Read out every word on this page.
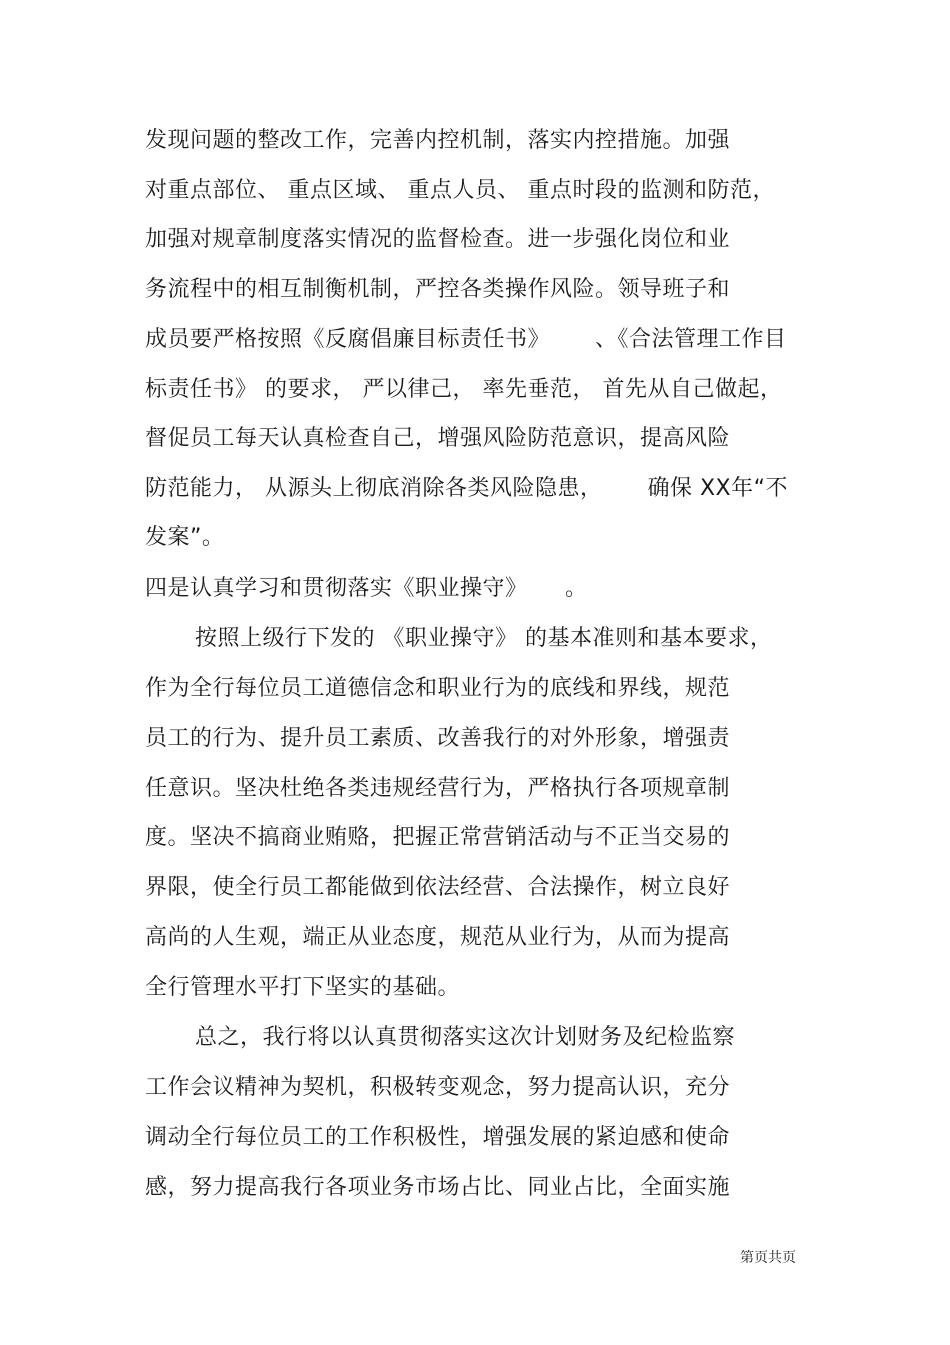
发现问题的整改工作，完善内控机制，落实内控措施。加强
对重点部位、 重点区域、 重点人员、 重点时段的监测和防范，
加强对规章制度落实情况的监督检查。进一步强化岗位和业
务流程中的相互制衡机制，严控各类操作风险。领导班子和
成员要严格按照《反腐倡廉目标责任书》      、《合法管理工作目
标责任书》 的要求， 严以律己， 率先垂范， 首先从自己做起，
督促员工每天认真检查自己，增强风险防范意识，提高风险
防范能力， 从源头上彻底消除各类风险隐患，      确保 XX年“不
发案”。
四是认真学习和贯彻落实《职业操守》     。
按照上级行下发的 《职业操守》 的基本准则和基本要求，
作为全行每位员工道德信念和职业行为的底线和界线，规范
员工的行为、提升员工素质、改善我行的对外形象，增强责
任意识。坚决杜绝各类违规经营行为，严格执行各项规章制
度。坚决不搞商业贿赂，把握正常营销活动与不正当交易的
界限，使全行员工都能做到依法经营、合法操作，树立良好
高尚的人生观，端正从业态度，规范从业行为，从而为提高
全行管理水平打下坚实的基础。
总之，我行将以认真贯彻落实这次计划财务及纪检监察
工作会议精神为契机，积极转变观念，努力提高认识，充分
调动全行每位员工的工作积极性，增强发展的紧迫感和使命
感，努力提高我行各项业务市场占比、同业占比，全面实施
第页共页
